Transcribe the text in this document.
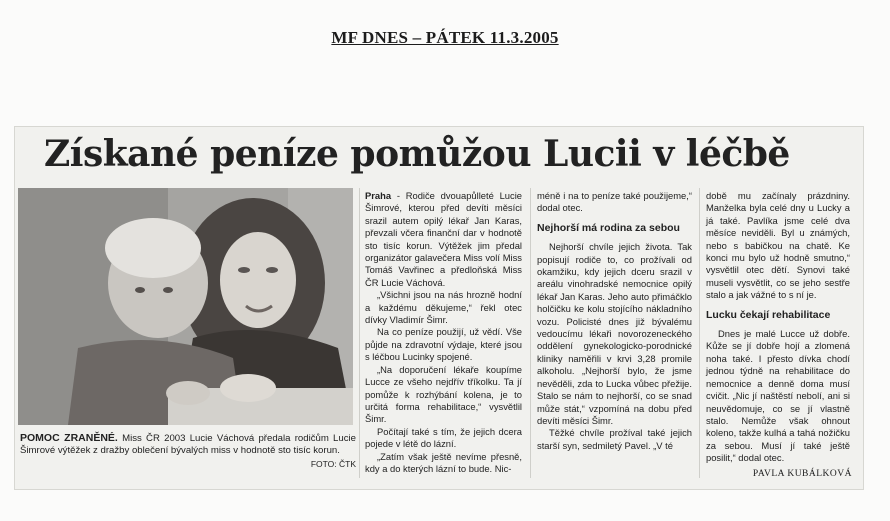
MF DNES – PÁTEK 11.3.2005
Získané peníze pomůžou Lucii v léčbě
POMOC ZRANĚNÉ. Miss ČR 2003 Lucie Váchová předala rodičům Lucie Šimrové výtěžek z dražby oblečení bývalých miss v hodnotě sto tisíc korun.
FOTO: ČTK

Praha - Rodiče dvouapůlleté Lucie Šimrové, kterou před devíti měsíci srazil autem opilý lékař Jan Karas, převzali včera finanční dar v hodnotě sto tisíc korun. Výtěžek jim předal organizátor galavečera Miss volí Miss Tomáš Vavřinec a předloňská Miss ČR Lucie Váchová.

„Všichni jsou na nás hrozně hodní a každému děkujeme,“ řekl otec dívky Vladimír Šimr.

Na co peníze použijí, už vědí. Vše půjde na zdravotní výdaje, které jsou s léčbou Lucinky spojené.

„Na doporučení lékaře koupíme Lucce ze všeho nejdřív tříkolku. Ta jí pomůže k rozhýbání kolena, je to určitá forma rehabilitace,“ vysvětlil Šimr.

Počítají také s tím, že jejich dcera pojede v létě do lázní.

„Zatím však ještě nevíme přesně, kdy a do kterých lázní to bude. Nic-

méně i na to peníze také použijeme,“ dodal otec.

Nejhorší má rodina za sebou

Nejhorší chvíle jejich života. Tak popisují rodiče to, co prožívali od okamžiku, kdy jejich dceru srazil v areálu vinohradské nemocnice opilý lékař Jan Karas. Jeho auto přimáčklo holčičku ke kolu stojícího nákladního vozu. Policisté dnes již bývalému vedoucímu lékaři novorozeneckého oddělení gynekologicko-porodnické kliniky naměřili v krvi 3,28 promile alkoholu. „Nejhorší bylo, že jsme nevěděli, zda to Lucka vůbec přežije. Stalo se nám to nejhorší, co se snad může stát,“ vzpomíná na dobu před devíti měsíci Šimr.

Těžké chvíle prožíval také jejich starší syn, sedmiletý Pavel. „V té

době mu začínaly prázdniny. Manželka byla celé dny u Lucky a já také. Pavlíka jsme celé dva měsíce neviděli. Byl u známých, nebo s babičkou na chatě. Ke konci mu bylo už hodně smutno,“ vysvětlil otec dětí. Synovi také museli vysvětlit, co se jeho sestře stalo a jak vážné to s ní je.

Lucku čekají rehabilitace

Dnes je malé Lucce už dobře. Kůže se jí dobře hojí a zlomená noha také. I přesto dívka chodí jednou týdně na rehabilitace do nemocnice a denně doma musí cvičit. „Nic jí naštěstí nebolí, ani si neuvědomuje, co se jí vlastně stalo. Nemůže však ohnout koleno, takže kulhá a tahá nožičku za sebou. Musí jí také ještě posilit,“ dodal otec.

PAVLA KUBÁLKOVÁ
